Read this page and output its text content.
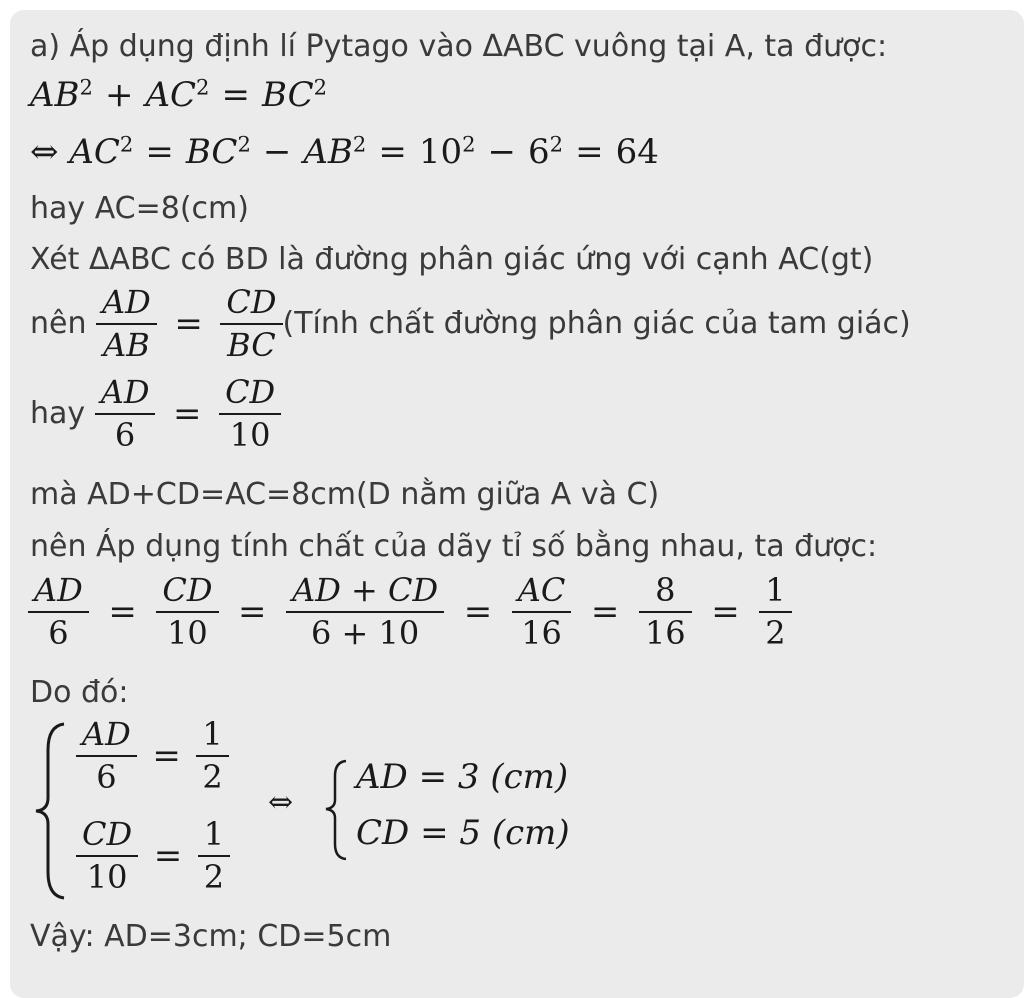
a) Áp dụng định lí Pytago vào ΔABC vuông tại A, ta được:
$AB^2 + AC^2 = BC^2$
⇔ $AC^2 = BC^2 - AB^2 = 10^2 - 6^2 = 64$
hay AC=8(cm)
Xét ΔABC có BD là đường phân giác ứng với cạnh AC(gt)
nên $\frac{AD}{AB} = \frac{CD}{BC}$ (Tính chất đường phân giác của tam giác)
hay $\frac{AD}{6} = \frac{CD}{10}$
mà AD+CD=AC=8cm(D nằm giữa A và C)
nên Áp dụng tính chất của dãy tỉ số bằng nhau, ta được:
$\frac{AD}{6} = \frac{CD}{10} = \frac{AD + CD}{6 + 10} = \frac{AC}{16} = \frac{8}{16} = \frac{1}{2}$
Do đó:
$\frac{AD}{6} = \frac{1}{2}$
$\frac{CD}{10} = \frac{1}{2}$
⇔
AD = 3 (cm)
CD = 5 (cm)
Vậy: AD=3cm; CD=5cm
